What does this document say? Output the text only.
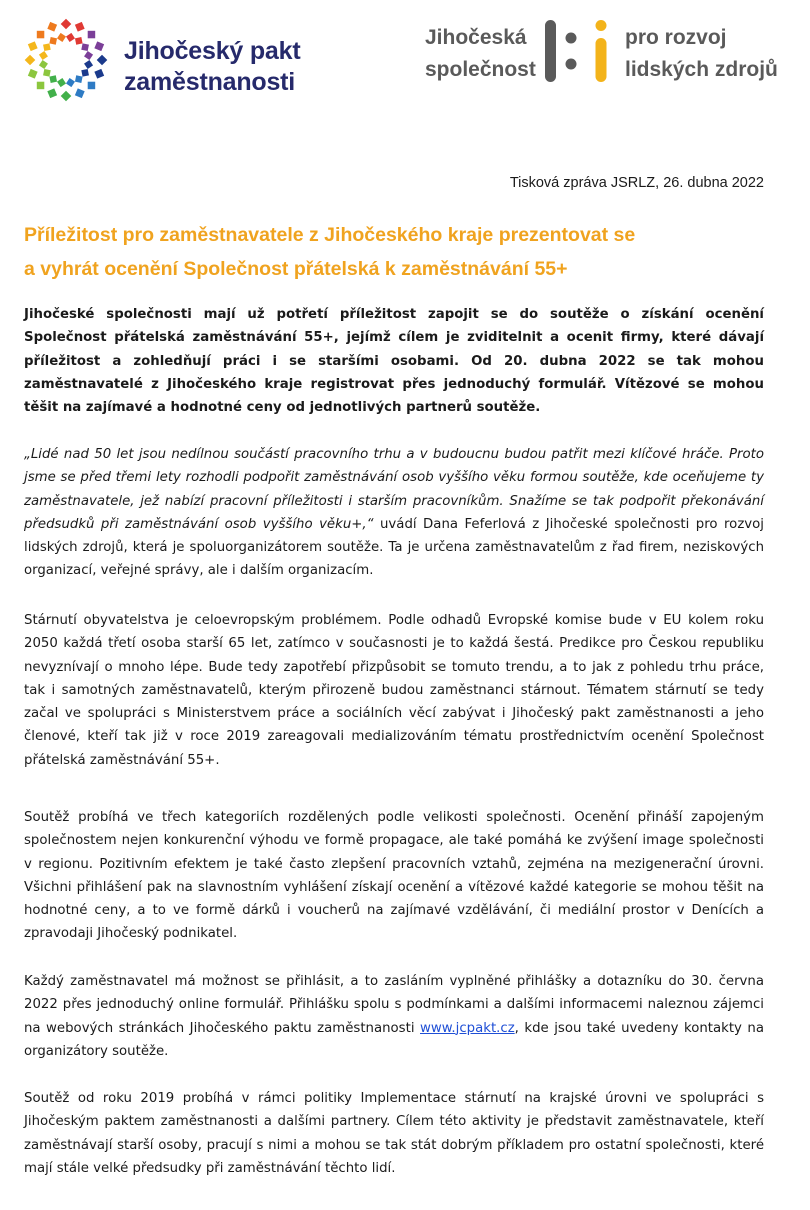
Jihočeský pakt
zaměstnanosti
Jihočeská
společnost
pro rozvoj
lidských zdrojů
Tisková zpráva JSRLZ, 26. dubna 2022
Příležitost pro zaměstnavatele z Jihočeského kraje prezentovat se
a vyhrát ocenění Společnost přátelská k zaměstnávání 55+

Jihočeské společnosti mají už potřetí příležitost zapojit se do soutěže o získání ocenění Společnost přátelská zaměstnávání 55+, jejímž cílem je zviditelnit a ocenit firmy, které dávají příležitost a zohledňují práci i se staršími osobami. Od 20. dubna 2022 se tak mohou zaměstnavatelé z Jihočeského kraje registrovat přes jednoduchý formulář. Vítězové se mohou těšit na zajímavé a hodnotné ceny od jednotlivých partnerů soutěže.

„Lidé nad 50 let jsou nedílnou součástí pracovního trhu a v budoucnu budou patřit mezi klíčové hráče. Proto jsme se před třemi lety rozhodli podpořit zaměstnávání osob vyššího věku formou soutěže, kde oceňujeme ty zaměstnavatele, jež nabízí pracovní příležitosti i starším pracovníkům. Snažíme se tak podpořit překonávání předsudků při zaměstnávání osob vyššího věku+,“ uvádí Dana Feferlová z Jihočeské společnosti pro rozvoj lidských zdrojů, která je spoluorganizátorem soutěže. Ta je určena zaměstnavatelům z řad firem, neziskových organizací, veřejné správy, ale i dalším organizacím.

Stárnutí obyvatelstva je celoevropským problémem. Podle odhadů Evropské komise bude v EU kolem roku 2050 každá třetí osoba starší 65 let, zatímco v současnosti je to každá šestá. Predikce pro Českou republiku nevyznívají o mnoho lépe. Bude tedy zapotřebí přizpůsobit se tomuto trendu, a to jak z pohledu trhu práce, tak i samotných zaměstnavatelů, kterým přirozeně budou zaměstnanci stárnout. Tématem stárnutí se tedy začal ve spolupráci s Ministerstvem práce a sociálních věcí zabývat i Jihočeský pakt zaměstnanosti a jeho členové, kteří tak již v roce 2019 zareagovali medializováním tématu prostřednictvím ocenění Společnost přátelská zaměstnávání 55+.

Soutěž probíhá ve třech kategoriích rozdělených podle velikosti společnosti. Ocenění přináší zapojeným společnostem nejen konkurenční výhodu ve formě propagace, ale také pomáhá ke zvýšení image společnosti v regionu. Pozitivním efektem je také často zlepšení pracovních vztahů, zejména na mezigenerační úrovni. Všichni přihlášení pak na slavnostním vyhlášení získají ocenění a vítězové každé kategorie se mohou těšit na hodnotné ceny, a to ve formě dárků i voucherů na zajímavé vzdělávání, či mediální prostor v Denících a zpravodaji Jihočeský podnikatel.

Každý zaměstnavatel má možnost se přihlásit, a to zasláním vyplněné přihlášky a dotazníku do 30. června 2022 přes jednoduchý online formulář. Přihlášku spolu s podmínkami a dalšími informacemi naleznou zájemci na webových stránkách Jihočeského paktu zaměstnanosti www.jcpakt.cz, kde jsou také uvedeny kontakty na organizátory soutěže.

Soutěž od roku 2019 probíhá v rámci politiky Implementace stárnutí na krajské úrovni ve spolupráci s Jihočeským paktem zaměstnanosti a dalšími partnery. Cílem této aktivity je představit zaměstnavatele, kteří zaměstnávají starší osoby, pracují s nimi a mohou se tak stát dobrým příkladem pro ostatní společnosti, které mají stále velké předsudky při zaměstnávání těchto lidí.
